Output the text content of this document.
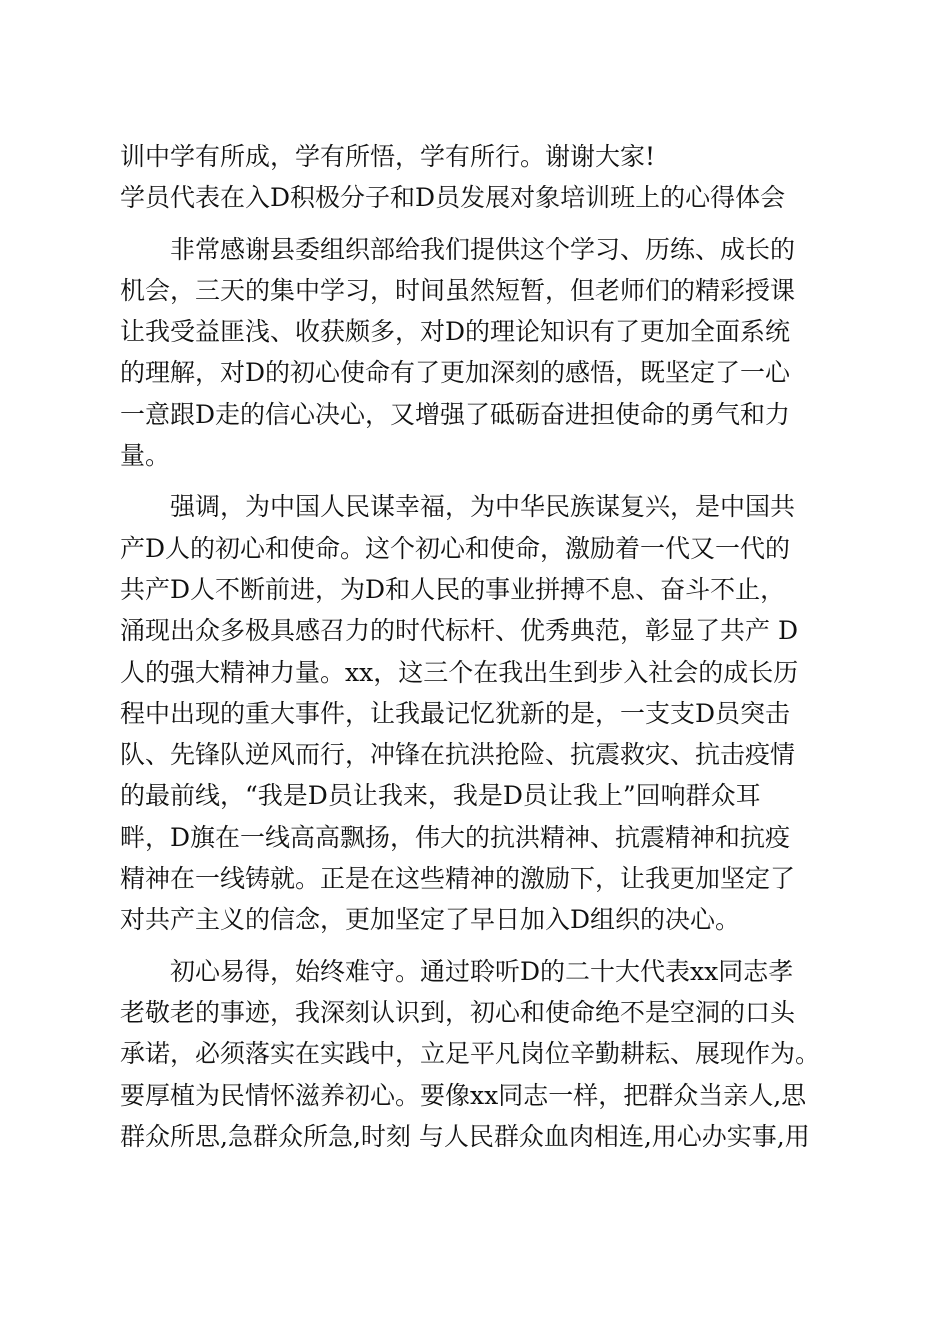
训中学有所成，学有所悟，学有所行。谢谢大家!
学员代表在入D积极分子和D员发展对象培训班上的心得体会
非常感谢县委组织部给我们提供这个学习、历练、成长的
机会，三天的集中学习，时间虽然短暂，但老师们的精彩授课
让我受益匪浅、收获颇多，对D的理论知识有了更加全面系统
的理解，对D的初心使命有了更加深刻的感悟，既坚定了一心
一意跟D走的信心决心，又增强了砥砺奋进担使命的勇气和力
量。
强调，为中国人民谋幸福，为中华民族谋复兴，是中国共
产D人的初心和使命。这个初心和使命，激励着一代又一代的
共产D人不断前进，为D和人民的事业拼搏不息、奋斗不止，
涌现出众多极具感召力的时代标杆、优秀典范，彰显了共产 D
人的强大精神力量。xx，这三个在我出生到步入社会的成长历
程中出现的重大事件，让我最记忆犹新的是，一支支D员突击
队、先锋队逆风而行，冲锋在抗洪抢险、抗震救灾、抗击疫情
的最前线，“我是D员让我来，我是D员让我上”回响群众耳
畔，D旗在一线高高飘扬，伟大的抗洪精神、抗震精神和抗疫
精神在一线铸就。正是在这些精神的激励下，让我更加坚定了
对共产主义的信念，更加坚定了早日加入D组织的决心。
初心易得，始终难守。通过聆听D的二十大代表xx同志孝
老敬老的事迹，我深刻认识到，初心和使命绝不是空洞的口头
承诺，必须落实在实践中，立足平凡岗位辛勤耕耘、展现作为。
要厚植为民情怀滋养初心。要像xx同志一样，把群众当亲人,思
群众所思,急群众所急,时刻 与人民群众血肉相连,用心办实事,用
